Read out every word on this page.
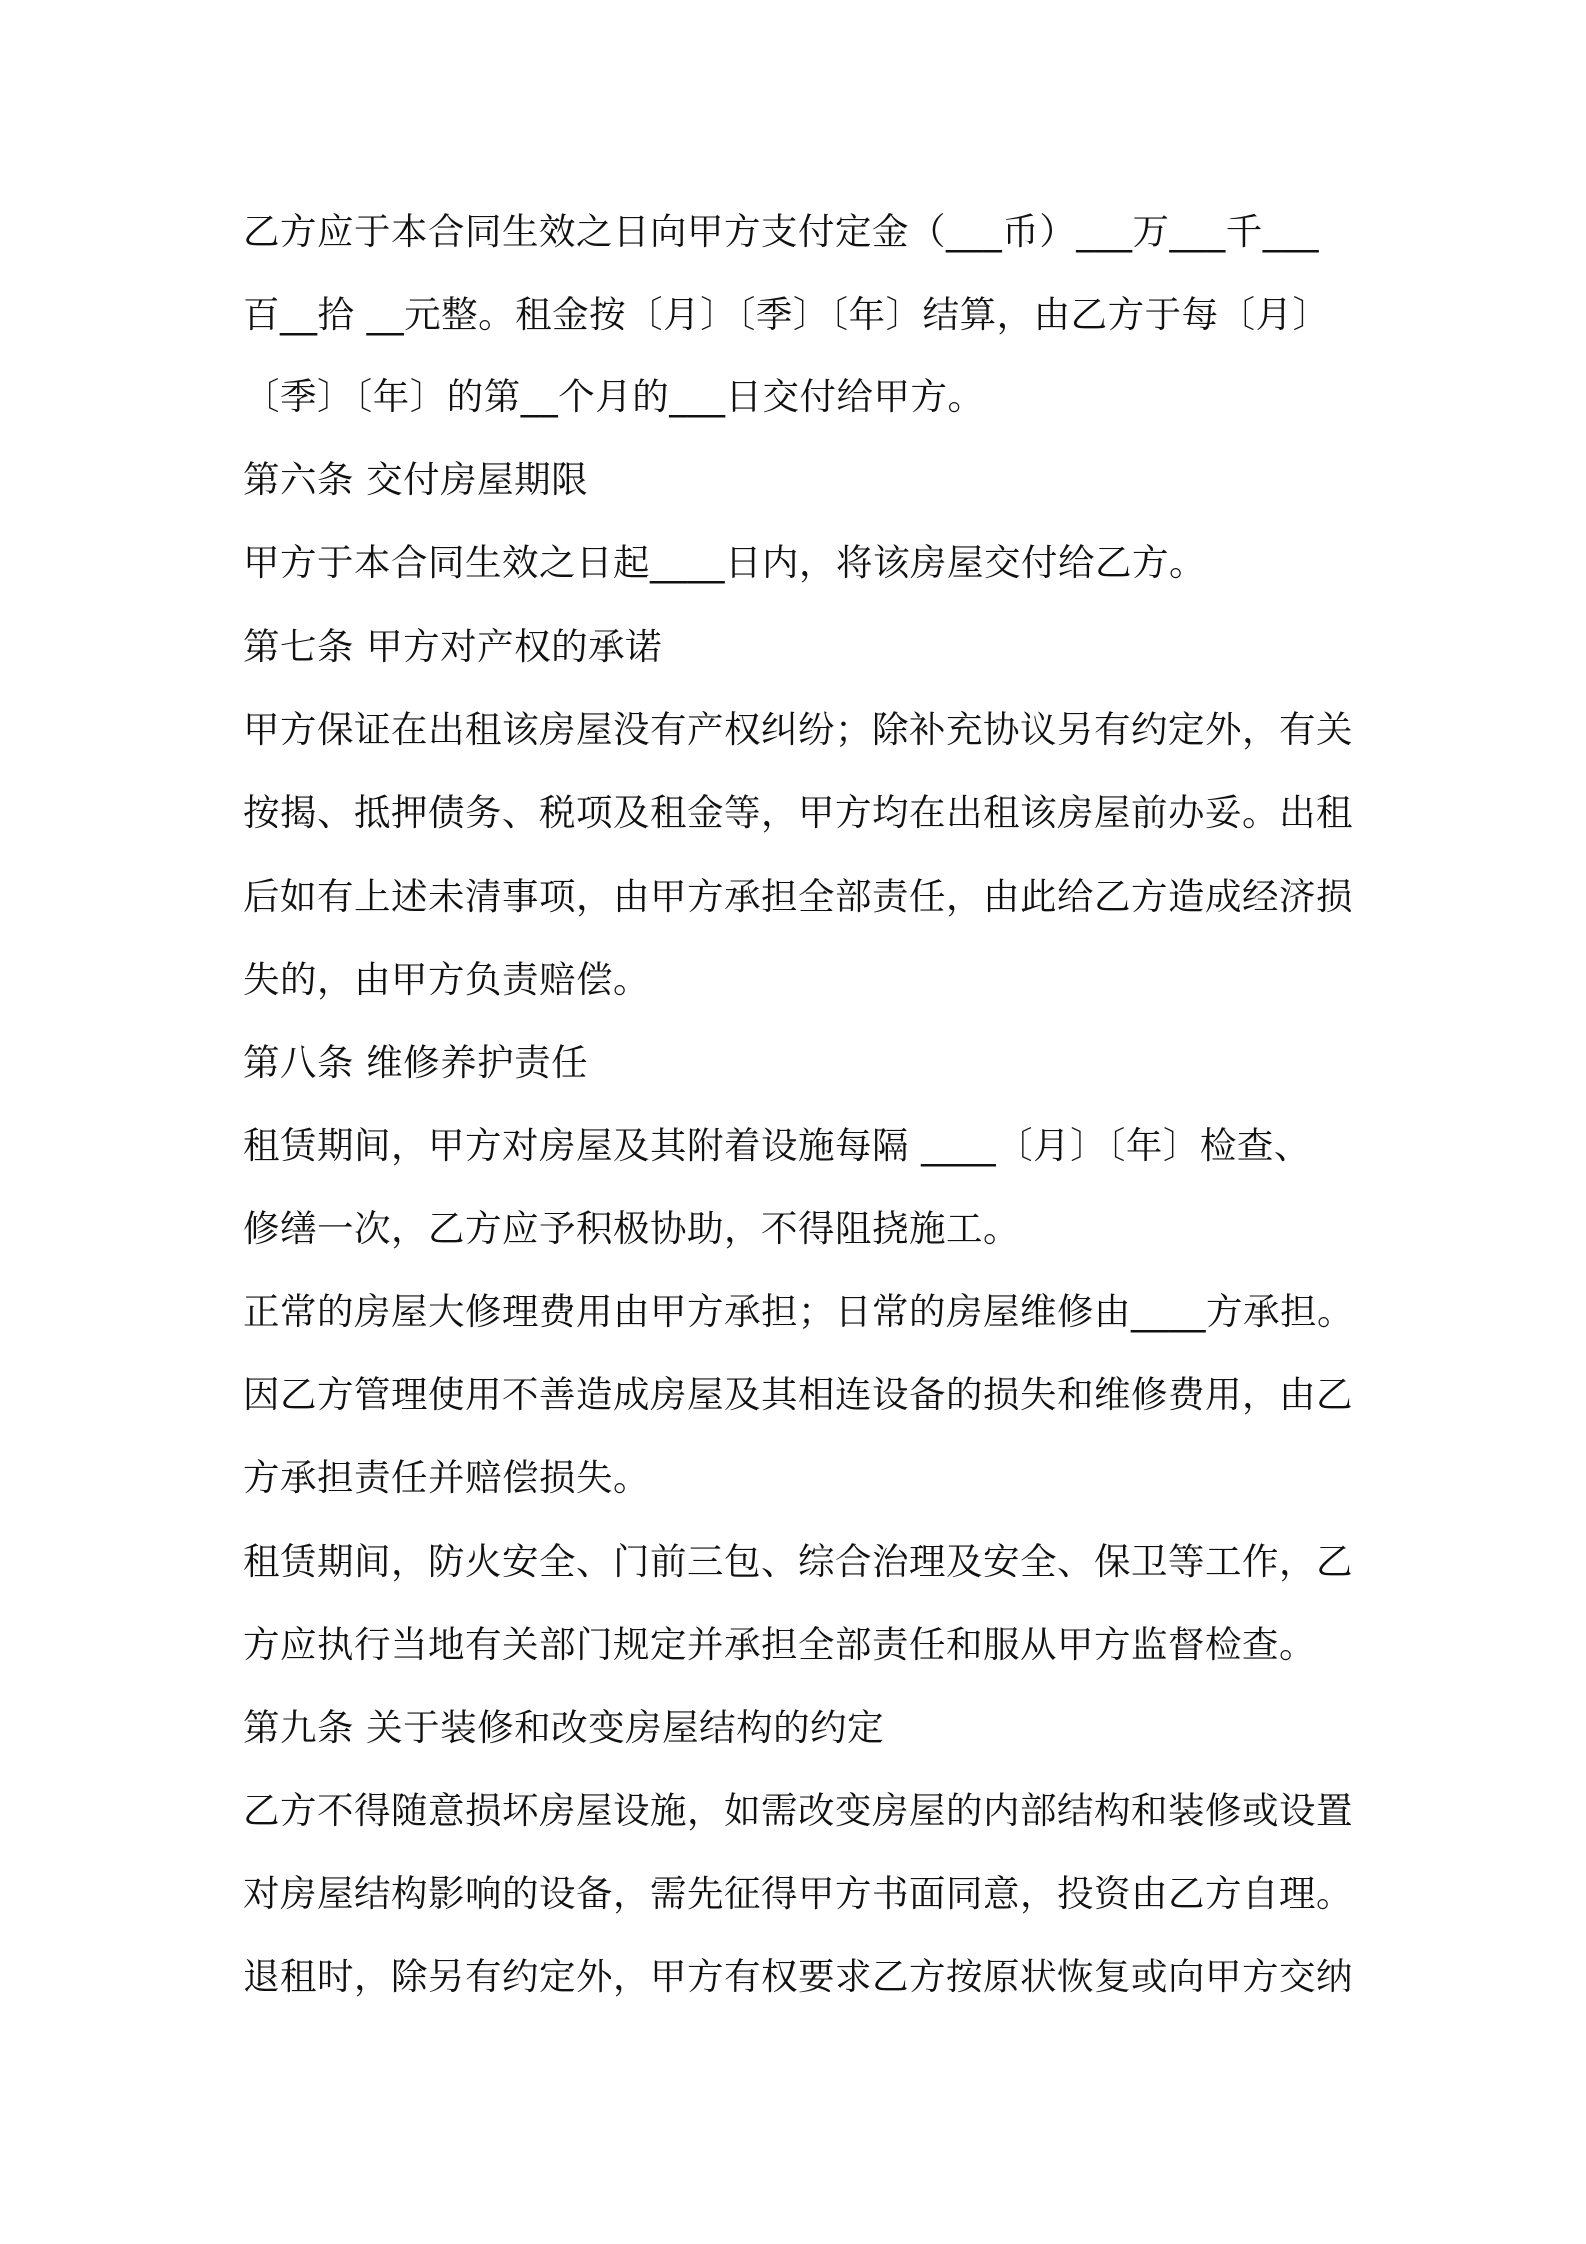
乙方应于本合同生效之日向甲方支付定金（___币）___万___千___
百__拾 __元整。租金按〔月〕〔季〕〔年〕结算，由乙方于每〔月〕
〔季〕〔年〕的第__个月的___日交付给甲方。
第六条 交付房屋期限
甲方于本合同生效之日起____日内，将该房屋交付给乙方。
第七条 甲方对产权的承诺
甲方保证在出租该房屋没有产权纠纷；除补充协议另有约定外，有关
按揭、抵押债务、税项及租金等，甲方均在出租该房屋前办妥。出租
后如有上述未清事项，由甲方承担全部责任，由此给乙方造成经济损
失的，由甲方负责赔偿。
第八条 维修养护责任
租赁期间，甲方对房屋及其附着设施每隔 ____〔月〕〔年〕检查、
修缮一次，乙方应予积极协助，不得阻挠施工。
正常的房屋大修理费用由甲方承担；日常的房屋维修由____方承担。
因乙方管理使用不善造成房屋及其相连设备的损失和维修费用，由乙
方承担责任并赔偿损失。
租赁期间，防火安全、门前三包、综合治理及安全、保卫等工作，乙
方应执行当地有关部门规定并承担全部责任和服从甲方监督检查。
第九条 关于装修和改变房屋结构的约定
乙方不得随意损坏房屋设施，如需改变房屋的内部结构和装修或设置
对房屋结构影响的设备，需先征得甲方书面同意，投资由乙方自理。
退租时，除另有约定外，甲方有权要求乙方按原状恢复或向甲方交纳
